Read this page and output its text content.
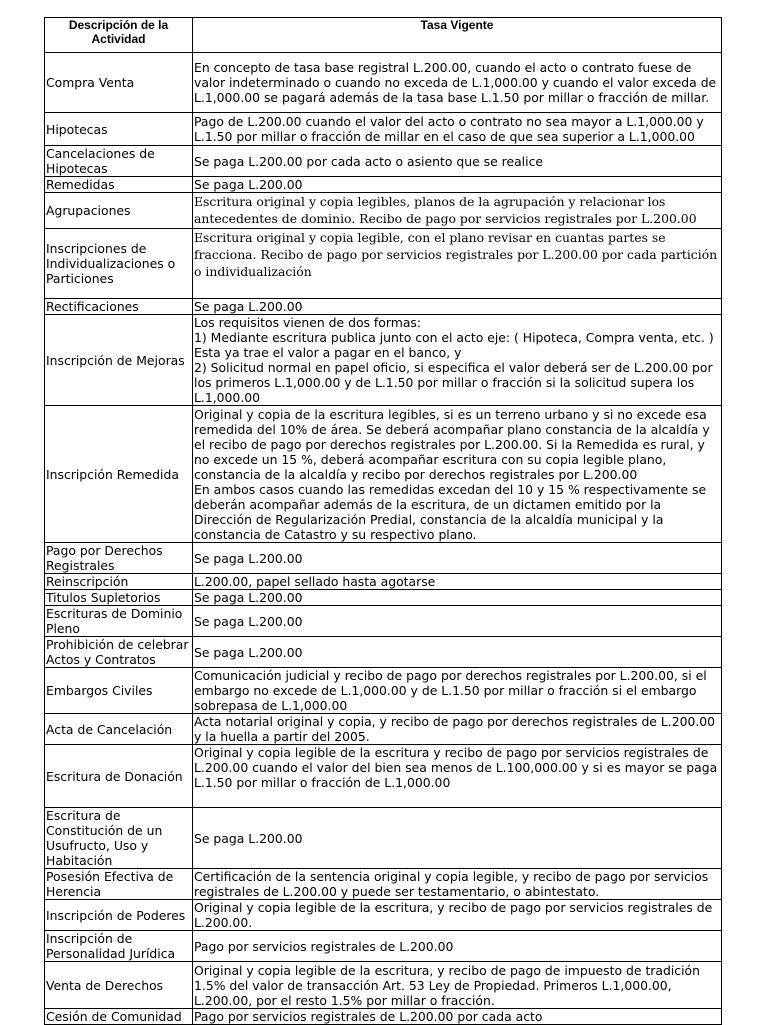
Descripción de la Actividad	Tasa Vigente
Compra Venta	En concepto de tasa base registral L.200.00, cuando el acto o contrato fuese de valor indeterminado o cuando no exceda de L.1,000.00 y cuando el valor exceda de L.1,000.00 se pagará además de la tasa base L.1.50 por millar o fracción de millar.
Hipotecas	Pago de L.200.00 cuando el valor del acto o contrato no sea mayor a L.1,000.00 y L.1.50 por millar o fracción de millar en el caso de que sea superior a L.1,000.00
Cancelaciones de Hipotecas	Se paga L.200.00 por cada acto o asiento que se realice
Remedidas	Se paga L.200.00
Agrupaciones	Escritura original y copia legibles, planos de la agrupación y relacionar los antecedentes de dominio. Recibo de pago por servicios registrales por L.200.00
Inscripciones de Individualizaciones o Particiones	Escritura original y copia legible, con el plano revisar en cuantas partes se fracciona. Recibo de pago por servicios registrales por L.200.00 por cada partición o individualización
Rectificaciones	Se paga L.200.00
Inscripción de Mejoras	Los requisitos vienen de dos formas:
1) Mediante escritura publica junto con el acto eje: ( Hipoteca, Compra venta, etc. ) Esta ya trae el valor a pagar en el banco, y
2) Solicitud normal en papel oficio, si especifica el valor deberá ser de L.200.00 por los primeros L.1,000.00 y de L.1.50 por millar o fracción si la solicitud supera los L.1,000.00
Inscripción Remedida	Original y copia de la escritura legibles, si es un terreno urbano y si no excede esa remedida del 10% de área. Se deberá acompañar plano constancia de la alcaldía y el recibo de pago por derechos registrales por L.200.00. Si la Remedida es rural, y no excede un 15 %, deberá acompañar escritura con su copia legible plano, constancia de la alcaldía y recibo por derechos registrales por L.200.00
En ambos casos cuando las remedidas excedan del 10 y 15 % respectivamente se deberán acompañar además de la escritura, de un dictamen emitido por la Dirección de Regularización Predial, constancia de la alcaldía municipal y la constancia de Catastro y su respectivo plano.
Pago por Derechos Registrales	Se paga L.200.00
Reinscripción	L.200.00, papel sellado hasta agotarse
Titulos Supletorios	Se paga L.200.00
Escrituras de Dominio Pleno	Se paga L.200.00
Prohibición de celebrar Actos y Contratos	Se paga L.200.00
Embargos Civiles	Comunicación judicial y recibo de pago por derechos registrales por L.200.00, si el embargo no excede de L.1,000.00 y de L.1.50 por millar o fracción si el embargo sobrepasa de L.1,000.00
Acta de Cancelación	Acta notarial original y copia, y recibo de pago por derechos registrales de L.200.00 y la huella a partir del 2005.
Escritura de Donación	Original y copia legible de la escritura y recibo de pago por servicios registrales de L.200.00 cuando el valor del bien sea menos de L.100,000.00 y si es mayor se paga L.1.50 por millar o fracción de L.1,000.00
Escritura de Constitución de un Usufructo, Uso y Habitación	Se paga L.200.00
Posesión Efectiva de Herencia	Certificación de la sentencia original y copia legible, y recibo de pago por servicios registrales de L.200.00 y puede ser testamentario, o abintestato.
Inscripción de Poderes	Original y copia legible de la escritura, y recibo de pago por servicios registrales de L.200.00.
Inscripción de Personalidad Jurídica	Pago por servicios registrales de L.200.00
Venta de Derechos	Original y copia legible de la escritura, y recibo de pago de impuesto de tradición 1.5% del valor de transacción Art. 53 Ley de Propiedad. Primeros L.1,000.00, L.200.00, por el resto 1.5% por millar o fracción.
Cesión de Comunidad	Pago por servicios registrales de L.200.00 por cada acto
